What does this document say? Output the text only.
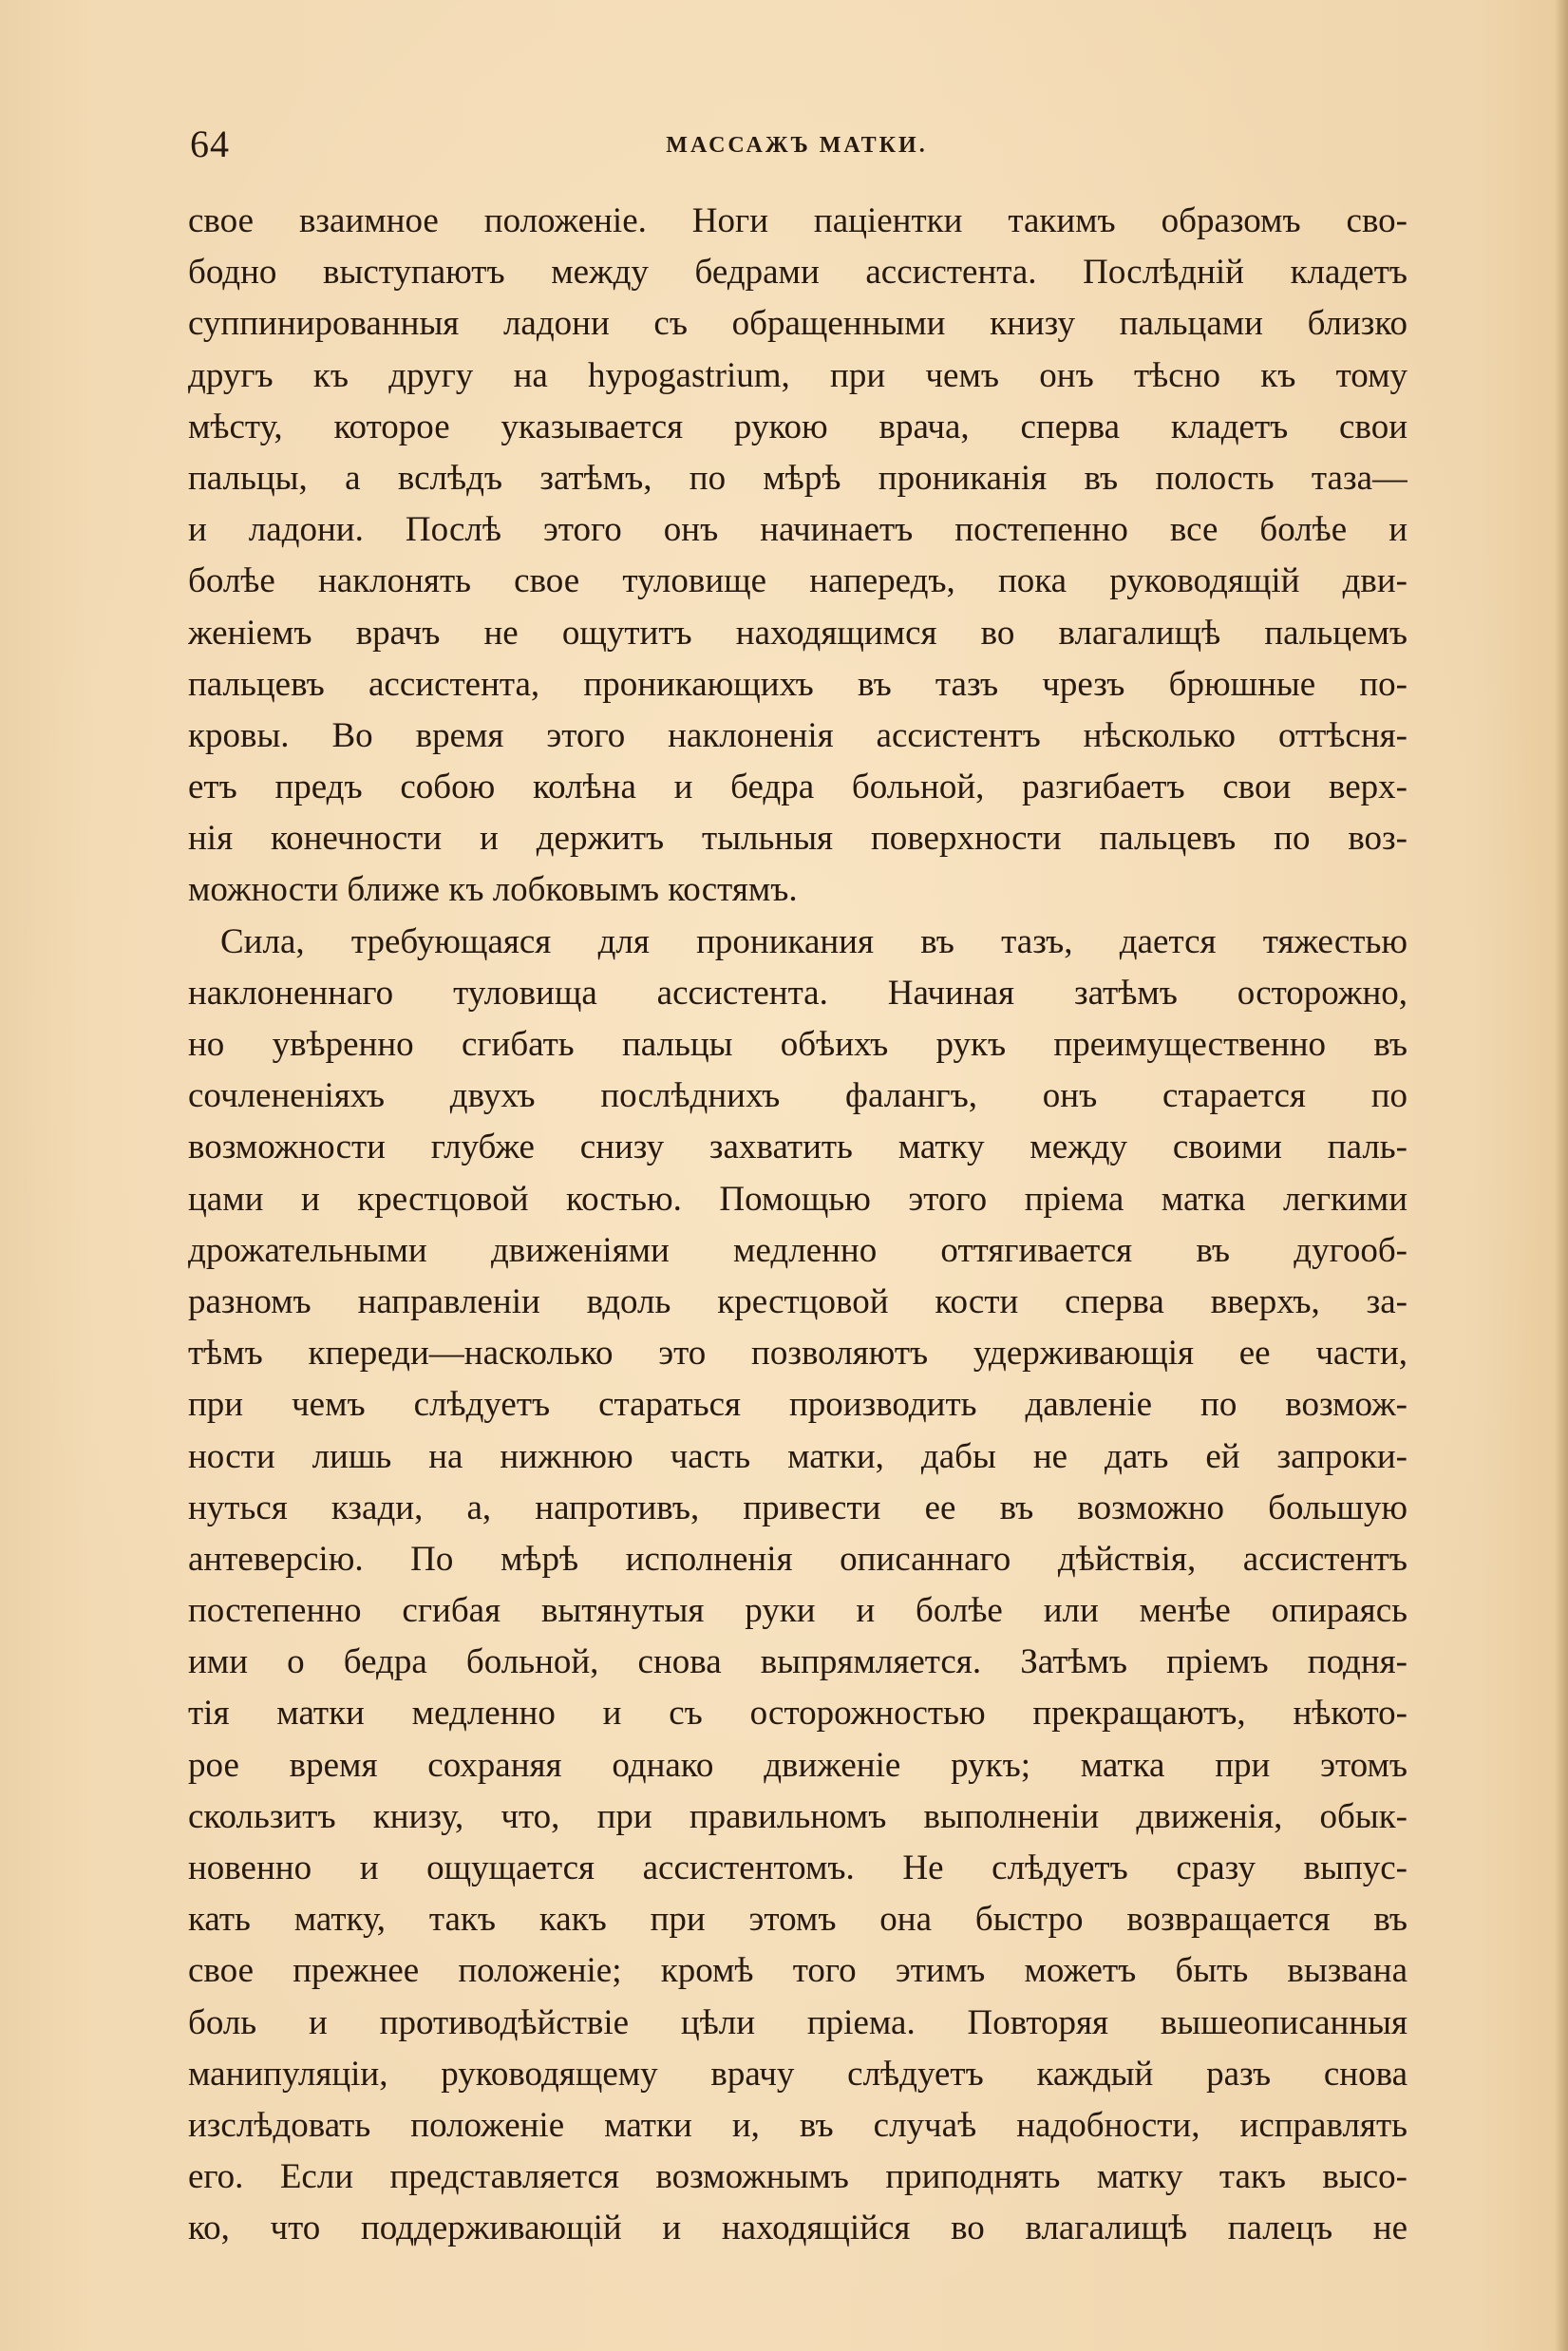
64	МАССАЖЪ МАТКИ.
свое взаимное положеніе. Ноги паціентки такимъ образомъ сво-
бодно выступаютъ между бедрами ассистента. Послѣдній кладетъ
суппинированныя ладони съ обращенными книзу пальцами близко
другъ къ другу на hypogastrium, при чемъ онъ тѣсно къ тому
мѣсту, которое указывается рукою врача, сперва кладетъ свои
пальцы, а вслѣдъ затѣмъ, по мѣрѣ прониканія въ полость таза—
и ладони. Послѣ этого онъ начинаетъ постепенно все болѣе и
болѣе наклонять свое туловище напередъ, пока руководящій дви-
женіемъ врачъ не ощутитъ находящимся во влагалищѣ пальцемъ
пальцевъ ассистента, проникающихъ въ тазъ чрезъ брюшные по-
кровы. Во время этого наклоненія ассистентъ нѣсколько оттѣсня-
етъ предъ собою колѣна и бедра больной, разгибаетъ свои верх-
нія конечности и держитъ тыльныя поверхности пальцевъ по воз-
можности ближе къ лобковымъ костямъ.
Сила, требующаяся для проникания въ тазъ, дается тяжестью
наклоненнаго туловища ассистента. Начиная затѣмъ осторожно,
но увѣренно сгибать пальцы обѣихъ рукъ преимущественно въ
сочлененіяхъ двухъ послѣднихъ фалангъ, онъ старается по
возможности глубже снизу захватить матку между своими паль-
цами и крестцовой костью. Помощью этого пріема матка легкими
дрожательными движеніями медленно оттягивается въ дугооб-
разномъ направленіи вдоль крестцовой кости сперва вверхъ, за-
тѣмъ кпереди—насколько это позволяютъ удерживающія ее части,
при чемъ слѣдуетъ стараться производить давленіе по возмож-
ности лишь на нижнюю часть матки, дабы не дать ей запроки-
нуться кзади, а, напротивъ, привести ее въ возможно большую
антеверсію. По мѣрѣ исполненія описаннаго дѣйствія, ассистентъ
постепенно сгибая вытянутыя руки и болѣе или менѣе опираясь
ими о бедра больной, снова выпрямляется. Затѣмъ пріемъ подня-
тія матки медленно и съ осторожностью прекращаютъ, нѣкото-
рое время сохраняя однако движеніе рукъ; матка при этомъ
скользитъ книзу, что, при правильномъ выполненіи движенія, обык-
новенно и ощущается ассистентомъ. Не слѣдуетъ сразу выпус-
кать матку, такъ какъ при этомъ она быстро возвращается въ
свое прежнее положеніе; кромѣ того этимъ можетъ быть вызвана
боль и противодѣйствіе цѣли пріема. Повторяя вышеописанныя
манипуляціи, руководящему врачу слѣдуетъ каждый разъ снова
изслѣдовать положеніе матки и, въ случаѣ надобности, исправлять
его. Если представляется возможнымъ приподнять матку такъ высо-
ко, что поддерживающій и находящійся во влагалищѣ палецъ не
